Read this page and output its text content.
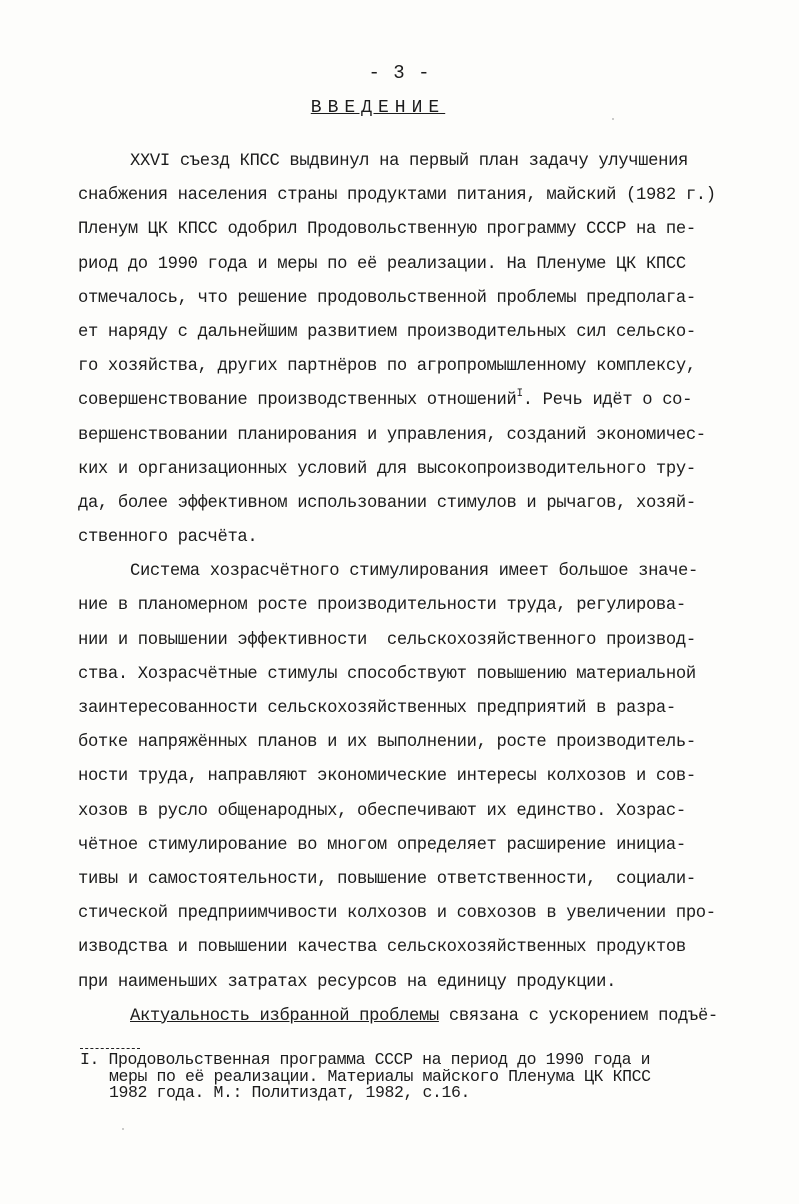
- 3 -
ВВЕДЕНИЕ
XXVI съезд КПСС выдвинул на первый план задачу улучшения
снабжения населения страны продуктами питания, майский (1982 г.)
Пленум ЦК КПСС одобрил Продовольственную программу СССР на пе-
риод до 1990 года и меры по её реализации. На Пленуме ЦК КПСС
отмечалось, что решение продовольственной проблемы предполага-
ет наряду с дальнейшим развитием производительных сил сельско-
го хозяйства, других партнёров по агропромышленному комплексу,
совершенствование производственных отношений$^I$. Речь идёт о со-
вершенствовании планирования и управления, созданий экономичес-
ких и организационных условий для высокопроизводительного тру-
да, более эффективном использовании стимулов и рычагов, хозяй-
ственного расчёта.
Система хозрасчётного стимулирования имеет большое значе-
ние в планомерном росте производительности труда, регулирова-
нии и повышении эффективности  сельскохозяйственного производ-
ства. Хозрасчётные стимулы способствуют повышению материальной
заинтересованности сельскохозяйственных предприятий в разра-
ботке напряжённых планов и их выполнении, росте производитель-
ности труда, направляют экономические интересы колхозов и сов-
хозов в русло общенародных, обеспечивают их единство. Хозрас-
чётное стимулирование во многом определяет расширение инициа-
тивы и самостоятельности, повышение ответственности,  социали-
стической предприимчивости колхозов и совхозов в увеличении про-
изводства и повышении качества сельскохозяйственных продуктов
при наименьших затратах ресурсов на единицу продукции.
Актуальность избранной проблемы связана с ускорением подъё-
I. Продовольственная программа СССР на период до 1990 года и
меры по её реализации. Материалы майского Пленума ЦК КПСС
1982 года. М.: Политиздат, 1982, с.16.
